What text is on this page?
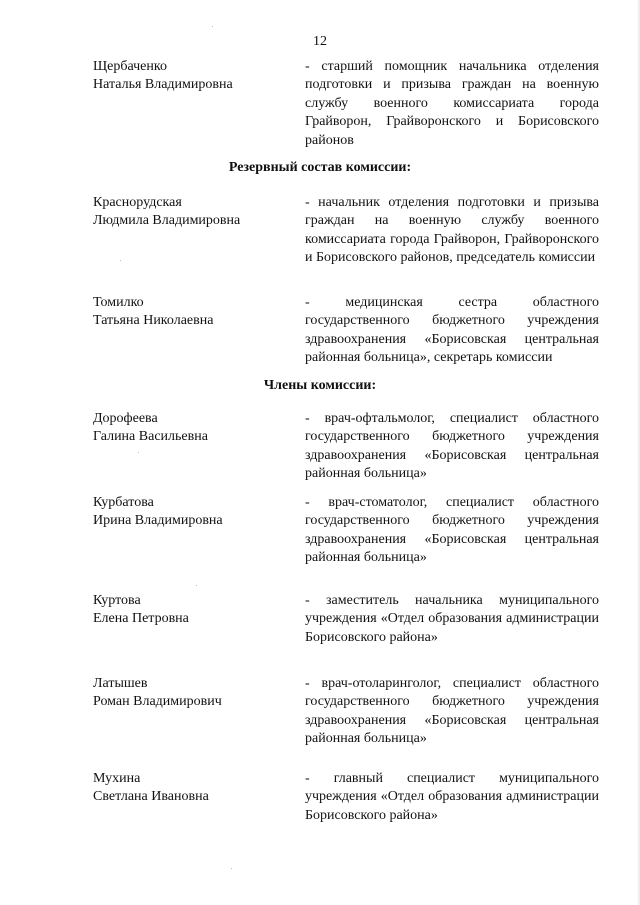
12
Щербаченко
Наталья Владимировна
- старший помощник начальника отделения подготовки и призыва граждан на военную службу военного комиссариата города Грайворон, Грайворонского и Борисовского районов
Резервный состав комиссии:
Краснорудская
Людмила Владимировна
- начальник отделения подготовки и призыва граждан на военную службу военного комиссариата города Грайворон, Грайворонского и Борисовского районов, председатель комиссии
Томилко
Татьяна Николаевна
- медицинская сестра областного государственного бюджетного учреждения здравоохранения «Борисовская центральная районная больница», секретарь комиссии
Члены комиссии:
Дорофеева
Галина Васильевна
- врач-офтальмолог, специалист областного государственного бюджетного учреждения здравоохранения «Борисовская центральная районная больница»
Курбатова
Ирина Владимировна
- врач-стоматолог, специалист областного государственного бюджетного учреждения здравоохранения «Борисовская центральная районная больница»
Куртова
Елена Петровна
- заместитель начальника муниципального учреждения «Отдел образования администрации Борисовского района»
Латышев
Роман Владимирович
- врач-отоларинголог, специалист областного государственного бюджетного учреждения здравоохранения «Борисовская центральная районная больница»
Мухина
Светлана Ивановна
- главный специалист муниципального учреждения «Отдел образования администрации Борисовского района»
